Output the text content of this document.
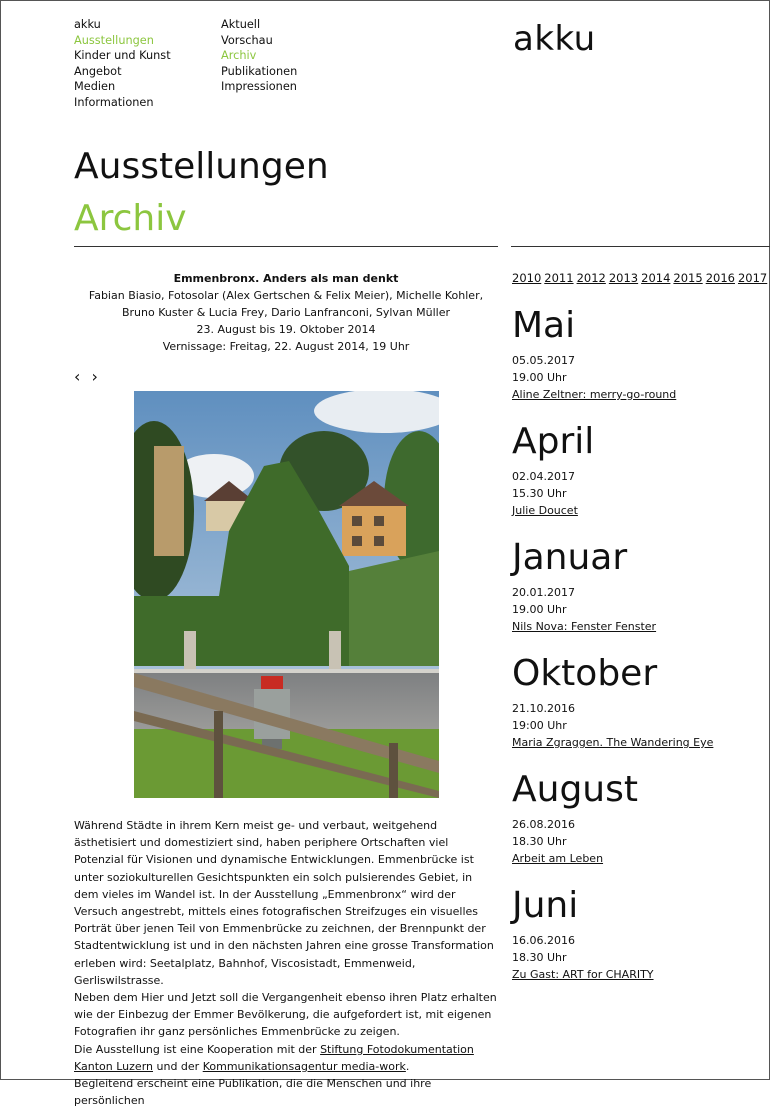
akku
Ausstellungen
Kinder und Kunst
Angebot
Medien
Informationen
Aktuell
Vorschau
Archiv
Publikationen
Impressionen
akku
Ausstellungen
Archiv
Emmenbronx. Anders als man denkt
Fabian Biasio, Fotosolar (Alex Gertschen & Felix Meier), Michelle Kohler,
Bruno Kuster & Lucia Frey, Dario Lanfranconi, Sylvan Müller
23. August bis 19. Oktober 2014
Vernissage: Freitag, 22. August 2014, 19 Uhr
‹ ›

Während Städte in ihrem Kern meist ge- und verbaut, weitgehend ästhetisiert und domestiziert sind, haben periphere Ortschaften viel Potenzial für Visionen und dynamische Entwicklungen. Emmenbrücke ist unter soziokulturellen Gesichtspunkten ein solch pulsierendes Gebiet, in dem vieles im Wandel ist. In der Ausstellung „Emmenbronx“ wird der Versuch angestrebt, mittels eines fotografischen Streifzuges ein visuelles Porträt über jenen Teil von Emmenbrücke zu zeichnen, der Brennpunkt der Stadtentwicklung ist und in den nächsten Jahren eine grosse Transformation erleben wird: Seetalplatz, Bahnhof, Viscosistadt, Emmenweid, Gerliswilstrasse.

Neben dem Hier und Jetzt soll die Vergangenheit ebenso ihren Platz erhalten wie der Einbezug der Emmer Bevölkerung, die aufgefordert ist, mit eigenen Fotografien ihr ganz persönliches Emmenbrücke zu zeigen.

Die Ausstellung ist eine Kooperation mit der Stiftung Fotodokumentation Kanton Luzern und der Kommunikationsagentur media-work.

Begleitend erscheint eine Publikation, die die Menschen und ihre persönlichen

2010 2011 2012 2013 2014 2015 2016 2017
Mai
05.05.2017
19.00 Uhr
Aline Zeltner: merry-go-round
April
02.04.2017
15.30 Uhr
Julie Doucet
Januar
20.01.2017
19.00 Uhr
Nils Nova: Fenster Fenster
Oktober
21.10.2016
19:00 Uhr
Maria Zgraggen. The Wandering Eye
August
26.08.2016
18.30 Uhr
Arbeit am Leben
Juni
16.06.2016
18.30 Uhr
Zu Gast: ART for CHARITY
